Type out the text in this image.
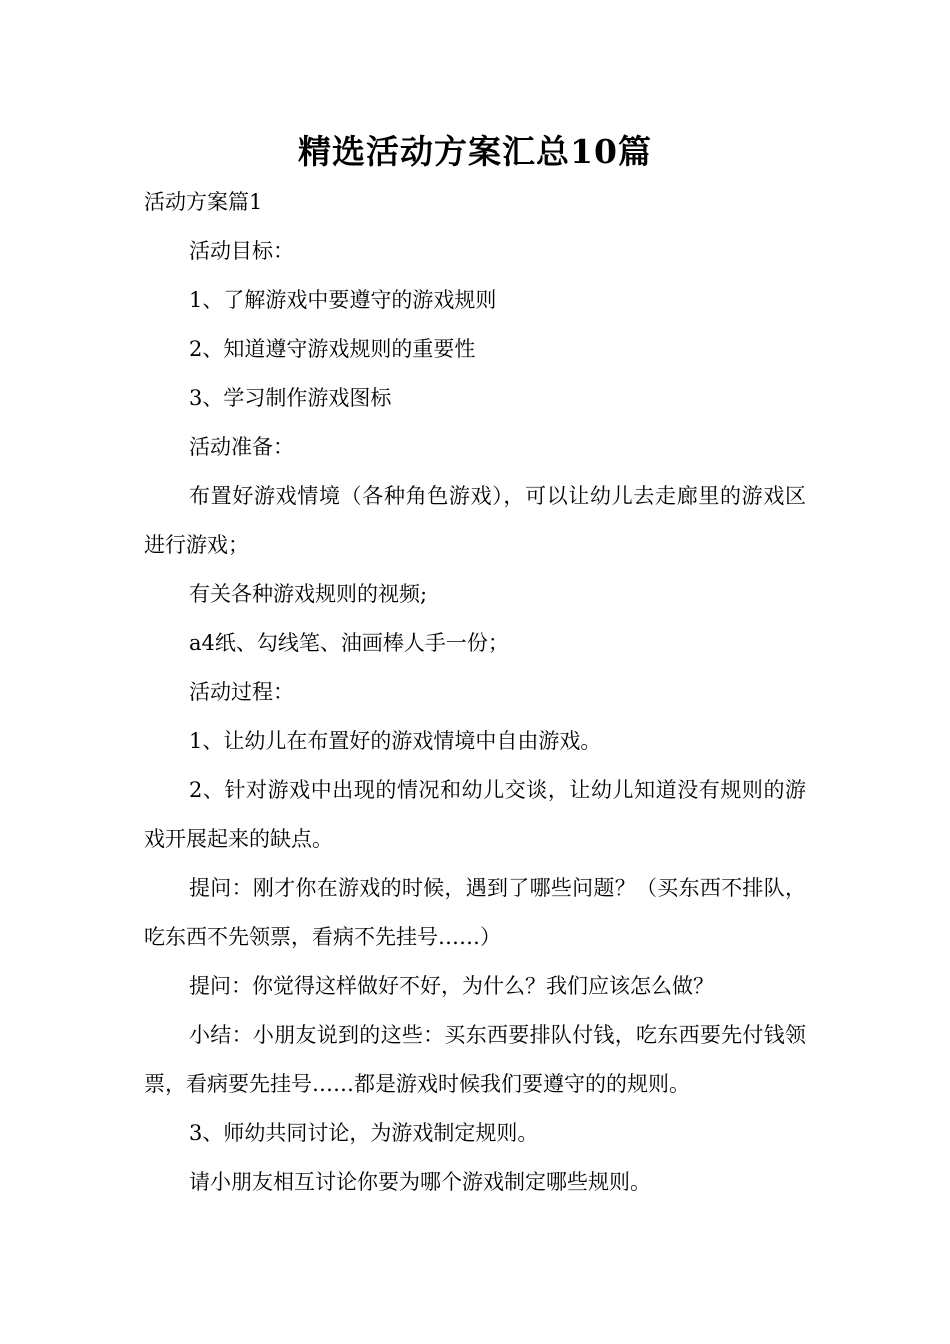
精选活动方案汇总10篇

活动方案篇1

活动目标：

1、了解游戏中要遵守的游戏规则

2、知道遵守游戏规则的重要性

3、学习制作游戏图标

活动准备：

布置好游戏情境（各种角色游戏），可以让幼儿去走廊里的游戏区进行游戏；

有关各种游戏规则的视频;

a4纸、勾线笔、油画棒人手一份；

活动过程：

1、让幼儿在布置好的游戏情境中自由游戏。

2、针对游戏中出现的情况和幼儿交谈，让幼儿知道没有规则的游戏开展起来的缺点。

提问：刚才你在游戏的时候，遇到了哪些问题？（买东西不排队，吃东西不先领票，看病不先挂号……）

提问：你觉得这样做好不好，为什么？我们应该怎么做？

小结：小朋友说到的这些：买东西要排队付钱，吃东西要先付钱领票，看病要先挂号……都是游戏时候我们要遵守的的规则。

3、师幼共同讨论，为游戏制定规则。

请小朋友相互讨论你要为哪个游戏制定哪些规则。
